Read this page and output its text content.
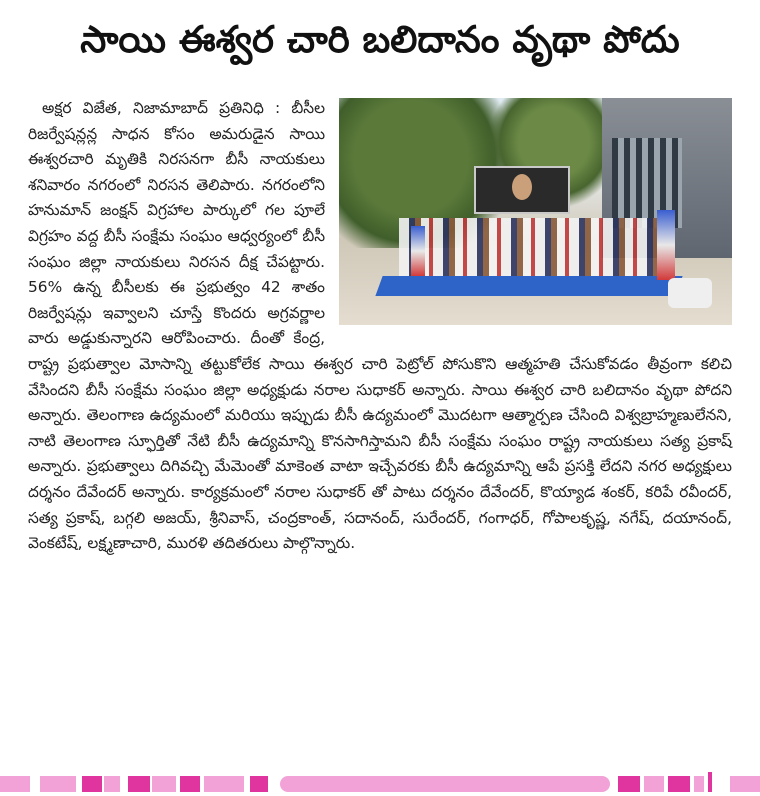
సాయి ఈశ్వర చారి బలిదానం వృథా పోదు

అక్షర విజేత, నిజామాబాద్ ప్రతినిధి : బీసీల రిజర్వేషన్లన్ల సాధన కోసం అమరుడైన సాయి ఈశ్వరచారి మృతికి నిరసనగా బీసీ నాయకులు శనివారం నగరంలో నిరసన తెలిపారు. నగరంలోని హనుమాన్ జంక్షన్ విగ్రహాల పార్కులో గల పూలే విగ్రహం వద్ద బీసీ సంక్షేమ సంఘం ఆధ్వర్యంలో బీసీ సంఘం జిల్లా నాయకులు నిరసన దీక్ష చేపట్టారు. 56% ఉన్న బీసీలకు ఈ ప్రభుత్వం 42 శాతం రిజర్వేషన్లు ఇవ్వాలని చూస్తే కొందరు అగ్రవర్ణాల వారు అడ్డుకున్నారని ఆరోపించారు. దీంతో కేంద్ర, రాష్ట్ర ప్రభుత్వాల మోసాన్ని తట్టుకోలేక సాయి ఈశ్వర చారి పెట్రోల్ పోసుకొని ఆత్మహతి చేసుకోవడం తీవ్రంగా కలిచి వేసిందని బీసీ సంక్షేమ సంఘం జిల్లా అధ్యక్షుడు నరాల సుధాకర్ అన్నారు. సాయి ఈశ్వర చారి బలిదానం వృథా పోదని అన్నారు. తెలంగాణ ఉద్యమంలో మరియు ఇప్పుడు బీసీ ఉద్యమంలో మొదటగా ఆత్మార్పణ చేసింది విశ్వబ్రాహ్మణులేనని, నాటి తెలంగాణ స్ఫూర్తితో నేటి బీసీ ఉద్యమాన్ని కొనసాగిస్తామని బీసీ సంక్షేమ సంఘం రాష్ట్ర నాయకులు సత్య ప్రకాష్ అన్నారు. ప్రభుత్వాలు దిగివచ్చి మేమెంతో మాకెంత వాటా ఇచ్చేవరకు బీసీ ఉద్యమాన్ని ఆపే ప్రసక్తి లేదని నగర అధ్యక్షులు దర్శనం దేవేందర్ అన్నారు. కార్యక్రమంలో నరాల సుధాకర్ తో పాటు దర్శనం దేవేందర్, కొయ్యాడ శంకర్, కరిపే రవీందర్, సత్య ప్రకాష్, బగ్గలి అజయ్, శ్రీనివాస్, చంద్రకాంత్, సదానంద్, సురేందర్, గంగాధర్, గోపాలకృష్ణ, నగేష్, దయానంద్, వెంకటేష్, లక్ష్మణాచారి, మురళి తదితరులు పాల్గొన్నారు.
